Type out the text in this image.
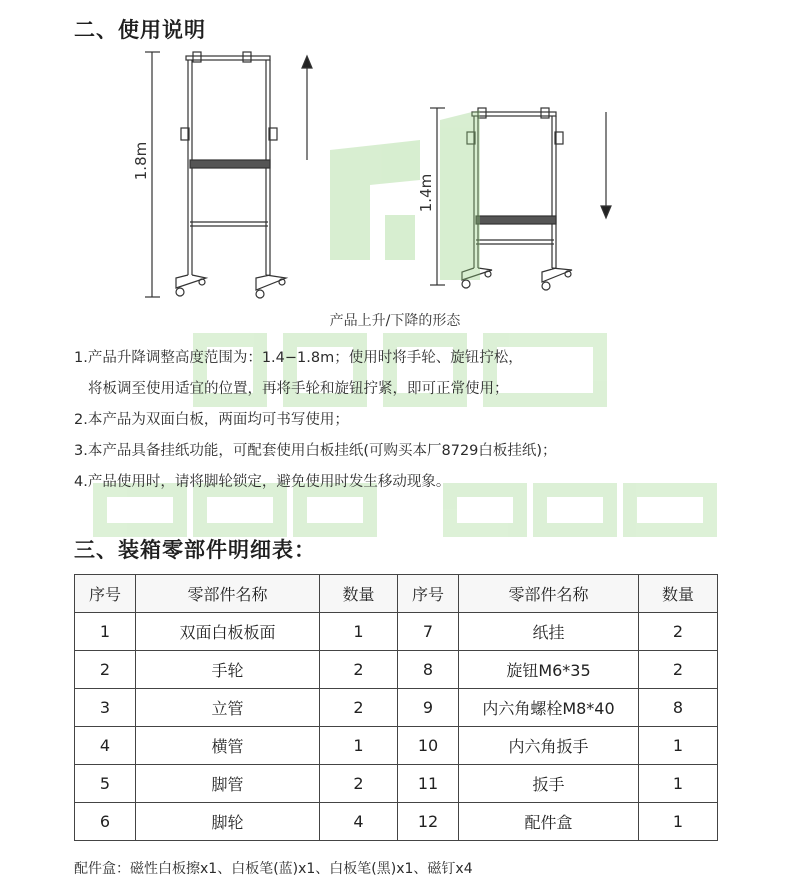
二、使用说明
1.8m
1.4m
产品上升/下降的形态
1.产品升降调整高度范围为：1.4−1.8m；使用时将手轮、旋钮拧松，
将板调至使用适宜的位置，再将手轮和旋钮拧紧，即可正常使用；
2.本产品为双面白板，两面均可书写使用；
3.本产品具备挂纸功能，可配套使用白板挂纸(可购买本厂8729白板挂纸)；
4.产品使用时，请将脚轮锁定，避免使用时发生移动现象。
三、装箱零部件明细表：
序号	零部件名称	数量	序号	零部件名称	数量
1	双面白板板面	1	7	纸挂	2
2	手轮	2	8	旋钮M6*35	2
3	立管	2	9	内六角螺栓M8*40	8
4	横管	1	10	内六角扳手	1
5	脚管	2	11	扳手	1
6	脚轮	4	12	配件盒	1
配件盒：磁性白板擦x1、白板笔(蓝)x1、白板笔(黑)x1、磁钉x4
